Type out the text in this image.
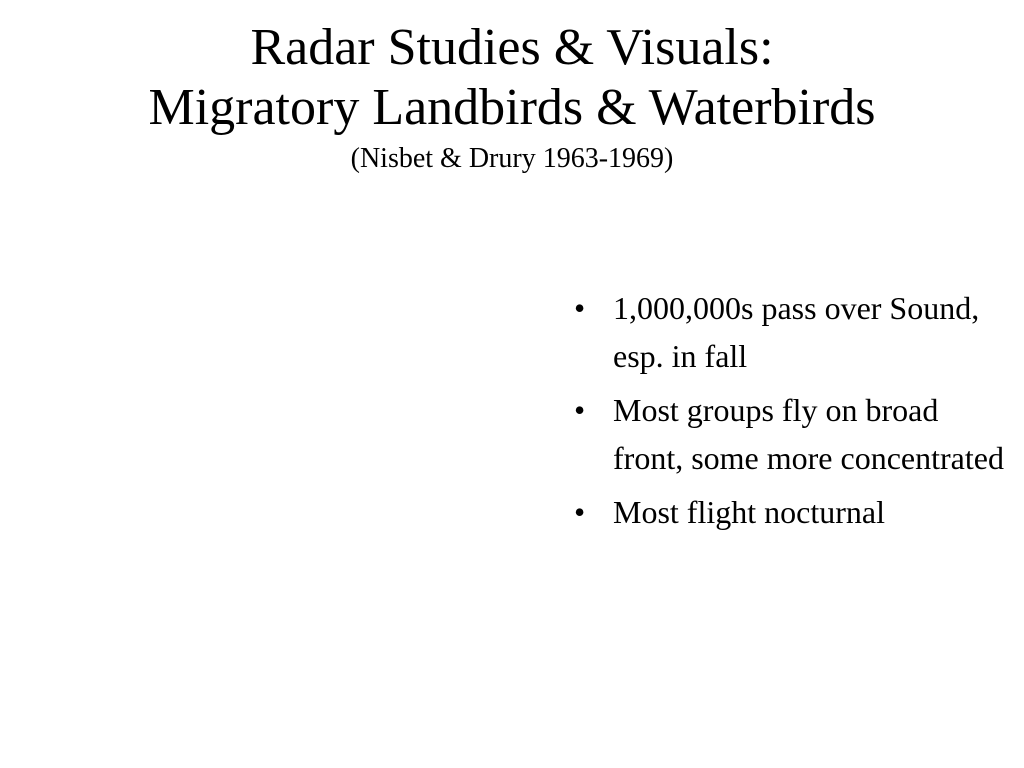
Radar Studies & Visuals:
Migratory Landbirds & Waterbirds
(Nisbet & Drury 1963-1969)
• 1,000,000s pass over Sound, esp. in fall
• Most groups fly on broad front, some more concentrated
• Most flight nocturnal
